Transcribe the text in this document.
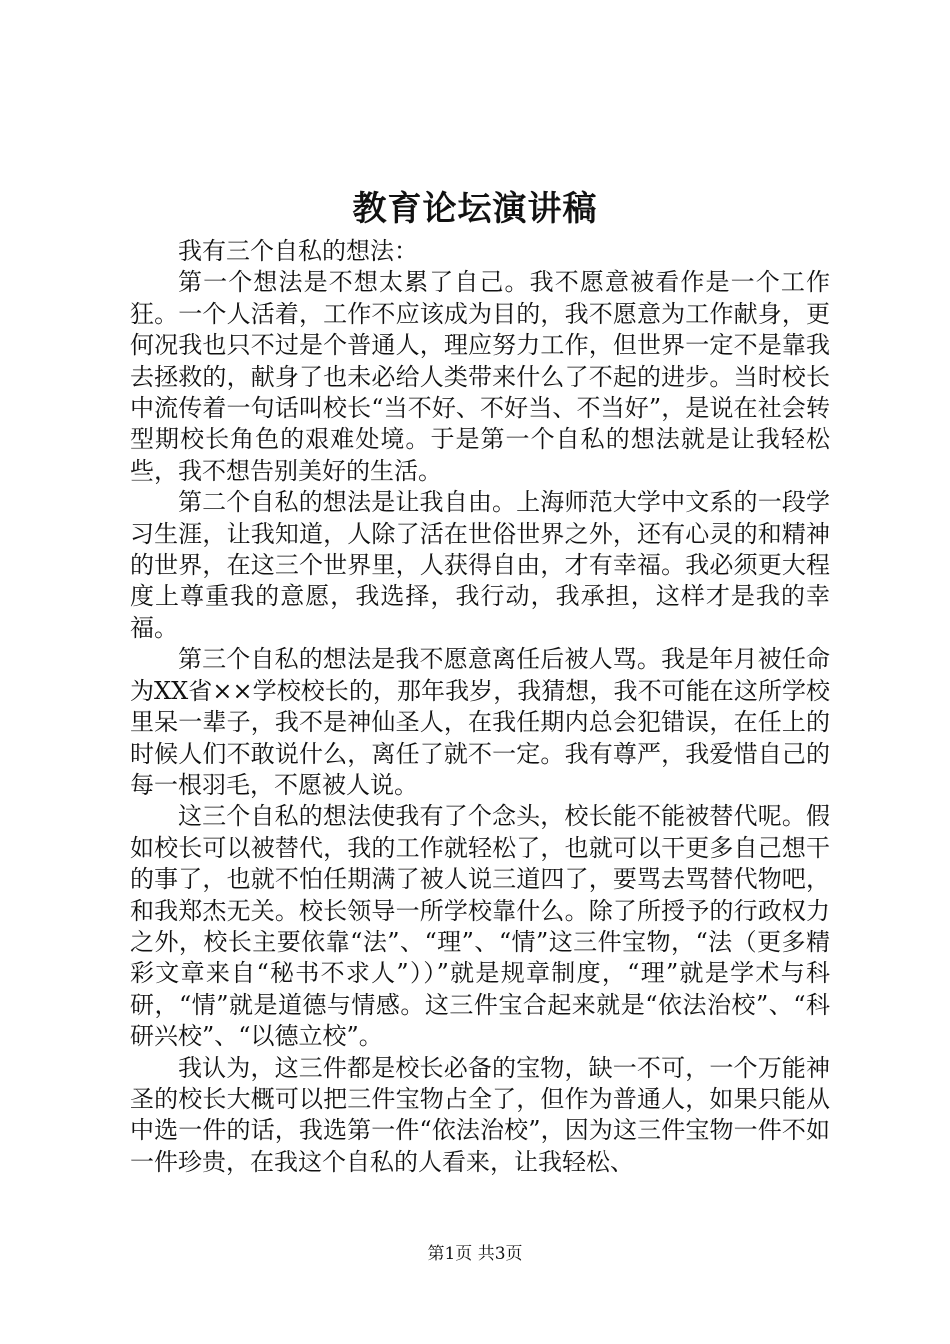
教育论坛演讲稿

我有三个自私的想法：

第一个想法是不想太累了自己。我不愿意被看作是一个工作狂。一个人活着，工作不应该成为目的，我不愿意为工作献身，更何况我也只不过是个普通人，理应努力工作，但世界一定不是靠我去拯救的，献身了也未必给人类带来什么了不起的进步。当时校长中流传着一句话叫校长“当不好、不好当、不当好”，是说在社会转型期校长角色的艰难处境。于是第一个自私的想法就是让我轻松些，我不想告别美好的生活。

第二个自私的想法是让我自由。上海师范大学中文系的一段学习生涯，让我知道，人除了活在世俗世界之外，还有心灵的和精神的世界，在这三个世界里，人获得自由，才有幸福。我必须更大程度上尊重我的意愿，我选择，我行动，我承担，这样才是我的幸福。

第三个自私的想法是我不愿意离任后被人骂。我是年月被任命为XX省××学校校长的，那年我岁，我猜想，我不可能在这所学校里呆一辈子，我不是神仙圣人，在我任期内总会犯错误，在任上的时候人们不敢说什么，离任了就不一定。我有尊严，我爱惜自己的每一根羽毛，不愿被人说。

这三个自私的想法使我有了个念头，校长能不能被替代呢。假如校长可以被替代，我的工作就轻松了，也就可以干更多自己想干的事了，也就不怕任期满了被人说三道四了，要骂去骂替代物吧，和我郑杰无关。校长领导一所学校靠什么。除了所授予的行政权力之外，校长主要依靠“法”、“理”、“情”这三件宝物，“法（更多精彩文章来自“秘书不求人”））”就是规章制度，“理”就是学术与科研，“情”就是道德与情感。这三件宝合起来就是“依法治校”、“科研兴校”、“以德立校”。

我认为，这三件都是校长必备的宝物，缺一不可，一个万能神圣的校长大概可以把三件宝物占全了，但作为普通人，如果只能从中选一件的话，我选第一件“依法治校”，因为这三件宝物一件不如一件珍贵，在我这个自私的人看来，让我轻松、

第1页 共3页
